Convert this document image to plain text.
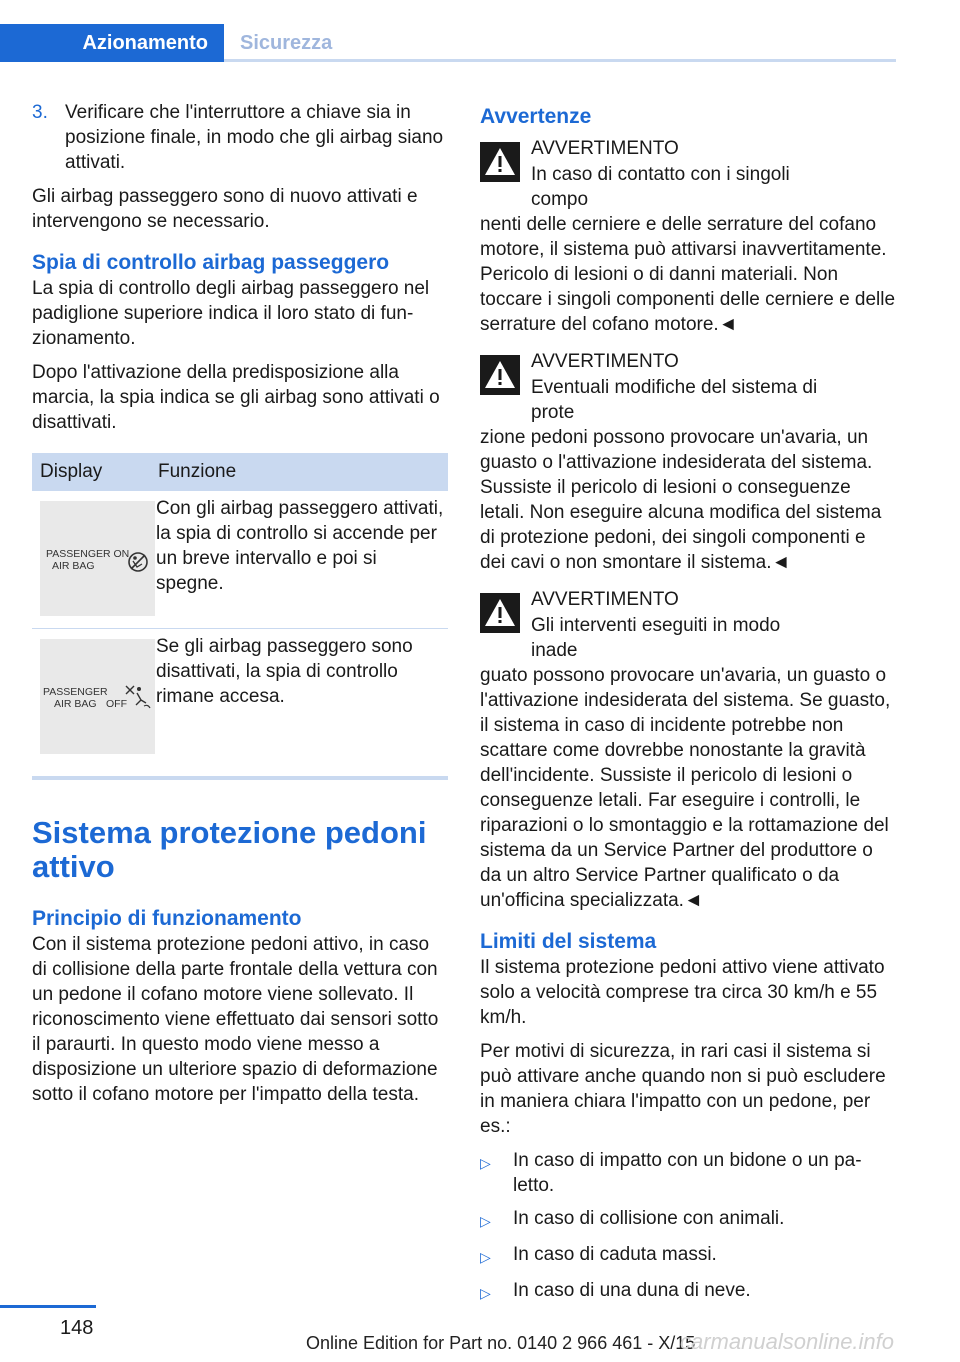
Azionamento	Sicurezza
3. Verificare che l'interruttore a chiave sia in posizione finale, in modo che gli airbag siano attivati.

Gli airbag passeggero sono di nuovo attivati e intervengono se necessario.

Spia di controllo airbag passeggero

La spia di controllo degli airbag passeggero nel padiglione superiore indica il loro stato di funzionamento.

Dopo l'attivazione della predisposizione alla marcia, la spia indica se gli airbag sono attivati o disattivati.

Display	Funzione

PASSENGER ON
AIR BAG	Con gli airbag passeggero attivati, la spia di controllo si accende per un breve intervallo e poi si spegne.

PASSENGER
AIR BAG OFF	Se gli airbag passeggero sono disattivati, la spia di controllo rimane accesa.
Sistema protezione pedoni attivo
Principio di funzionamento

Con il sistema protezione pedoni attivo, in caso di collisione della parte frontale della vettura con un pedone il cofano motore viene sollevato. Il riconoscimento viene effettuato dai sensori sotto il paraurti. In questo modo viene messo a disposizione un ulteriore spazio di deformazione sotto il cofano motore per l'impatto della testa.

Avvertenze
AVVERTIMENTO
In caso di contatto con i singoli compo
nenti delle cerniere e delle serrature del cofano motore, il sistema può attivarsi inavvertitamente. Pericolo di lesioni o di danni materiali. Non toccare i singoli componenti delle cerniere e delle serrature del cofano motore.◄
AVVERTIMENTO
Eventuali modifiche del sistema di prote
zione pedoni possono provocare un'avaria, un guasto o l'attivazione indesiderata del sistema. Sussiste il pericolo di lesioni o conseguenze letali. Non eseguire alcuna modifica del sistema di protezione pedoni, dei singoli componenti e dei cavi o non smontare il sistema.◄
AVVERTIMENTO
Gli interventi eseguiti in modo inade
guato possono provocare un'avaria, un guasto o l'attivazione indesiderata del sistema. Se guasto, il sistema in caso di incidente potrebbe non scattare come dovrebbe nonostante la gravità dell'incidente. Sussiste il pericolo di lesioni o conseguenze letali. Far eseguire i controlli, le riparazioni o lo smontaggio e la rottamazione del sistema da un Service Partner del produttore o da un altro Service Partner qualificato o da un'officina specializzata.◄
Limiti del sistema

Il sistema protezione pedoni attivo viene attivato solo a velocità comprese tra circa 30 km/h e 55 km/h.

Per motivi di sicurezza, in rari casi il sistema si può attivare anche quando non si può escludere in maniera chiara l'impatto con un pedone, per es.:

▷	In caso di impatto con un bidone o un paletto.
▷	In caso di collisione con animali.
▷	In caso di caduta massi.
▷	In caso di una duna di neve.
148
Online Edition for Part no. 0140 2 966 461 - X/15
carmanualsonline.info
